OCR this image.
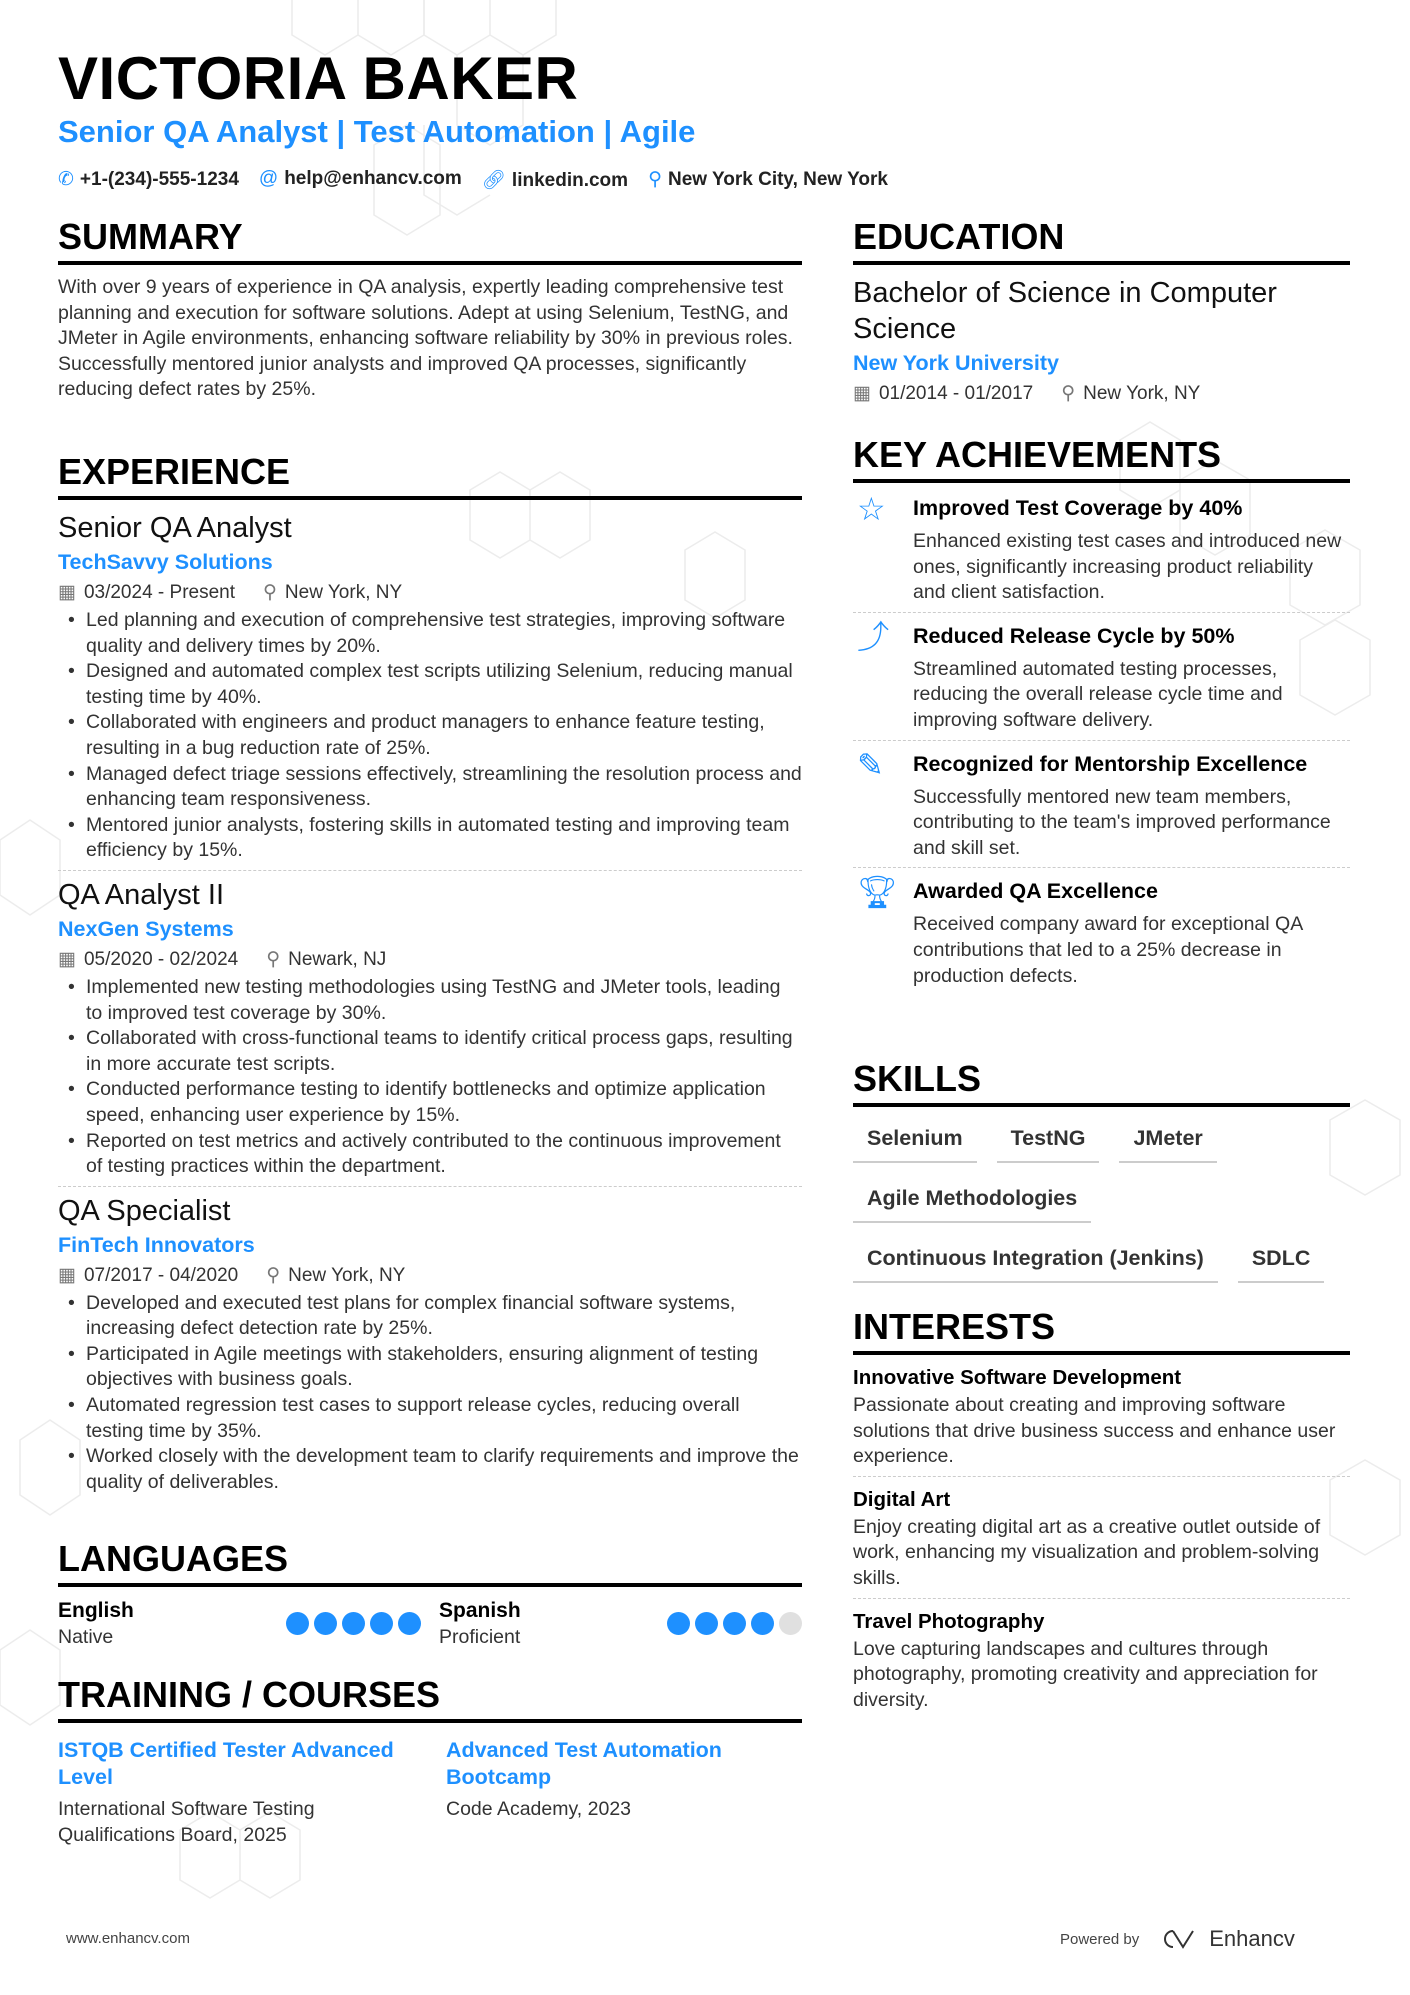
VICTORIA BAKER
Senior QA Analyst | Test Automation | Agile
✆ +1-(234)-555-1234 @ help@enhancv.com 🔗︎ linkedin.com ⚲ New York City, New York
SUMMARY

With over 9 years of experience in QA analysis, expertly leading comprehensive test planning and execution for software solutions. Adept at using Selenium, TestNG, and JMeter in Agile environments, enhancing software reliability by 30% in previous roles. Successfully mentored junior analysts and improved QA processes, significantly reducing defect rates by 25%.

EXPERIENCE
Senior QA Analyst
TechSavvy Solutions
▦ 03/2024 - Present ⚲ New York, NY
• Led planning and execution of comprehensive test strategies, improving software quality and delivery times by 20%.
• Designed and automated complex test scripts utilizing Selenium, reducing manual testing time by 40%.
• Collaborated with engineers and product managers to enhance feature testing, resulting in a bug reduction rate of 25%.
• Managed defect triage sessions effectively, streamlining the resolution process and enhancing team responsiveness.
• Mentored junior analysts, fostering skills in automated testing and improving team efficiency by 15%.
QA Analyst II
NexGen Systems
▦ 05/2020 - 02/2024 ⚲ Newark, NJ
• Implemented new testing methodologies using TestNG and JMeter tools, leading to improved test coverage by 30%.
• Collaborated with cross-functional teams to identify critical process gaps, resulting in more accurate test scripts.
• Conducted performance testing to identify bottlenecks and optimize application speed, enhancing user experience by 15%.
• Reported on test metrics and actively contributed to the continuous improvement of testing practices within the department.
QA Specialist
FinTech Innovators
▦ 07/2017 - 04/2020 ⚲ New York, NY
• Developed and executed test plans for complex financial software systems, increasing defect detection rate by 25%.
• Participated in Agile meetings with stakeholders, ensuring alignment of testing objectives with business goals.
• Automated regression test cases to support release cycles, reducing overall testing time by 35%.
• Worked closely with the development team to clarify requirements and improve the quality of deliverables.
LANGUAGES
English
Native
Spanish
Proficient
TRAINING / COURSES
ISTQB Certified Tester Advanced Level

International Software Testing Qualifications Board, 2025

Advanced Test Automation Bootcamp

Code Academy, 2023

EDUCATION
Bachelor of Science in Computer Science
New York University
▦ 01/2014 - 01/2017 ⚲ New York, NY
KEY ACHIEVEMENTS
☆	Improved Test Coverage by 40%

Enhanced existing test cases and introduced new ones, significantly increasing product reliability and client satisfaction.

⤴	Reduced Release Cycle by 50%

Streamlined automated testing processes, reducing the overall release cycle time and improving software delivery.

✎	Recognized for Mentorship Excellence

Successfully mentored new team members, contributing to the team's improved performance and skill set.

🏆︎ Awarded QA Excellence

Received company award for exceptional QA contributions that led to a 25% decrease in production defects.

SKILLS
Selenium	TestNG	JMeter
Agile Methodologies
Continuous Integration (Jenkins)	SDLC
INTERESTS
Innovative Software Development

Passionate about creating and improving software solutions that drive business success and enhance user experience.

Digital Art

Enjoy creating digital art as a creative outlet outside of work, enhancing my visualization and problem-solving skills.

Travel Photography

Love capturing landscapes and cultures through photography, promoting creativity and appreciation for diversity.

www.enhancv.com	Powered by	Enhancv
